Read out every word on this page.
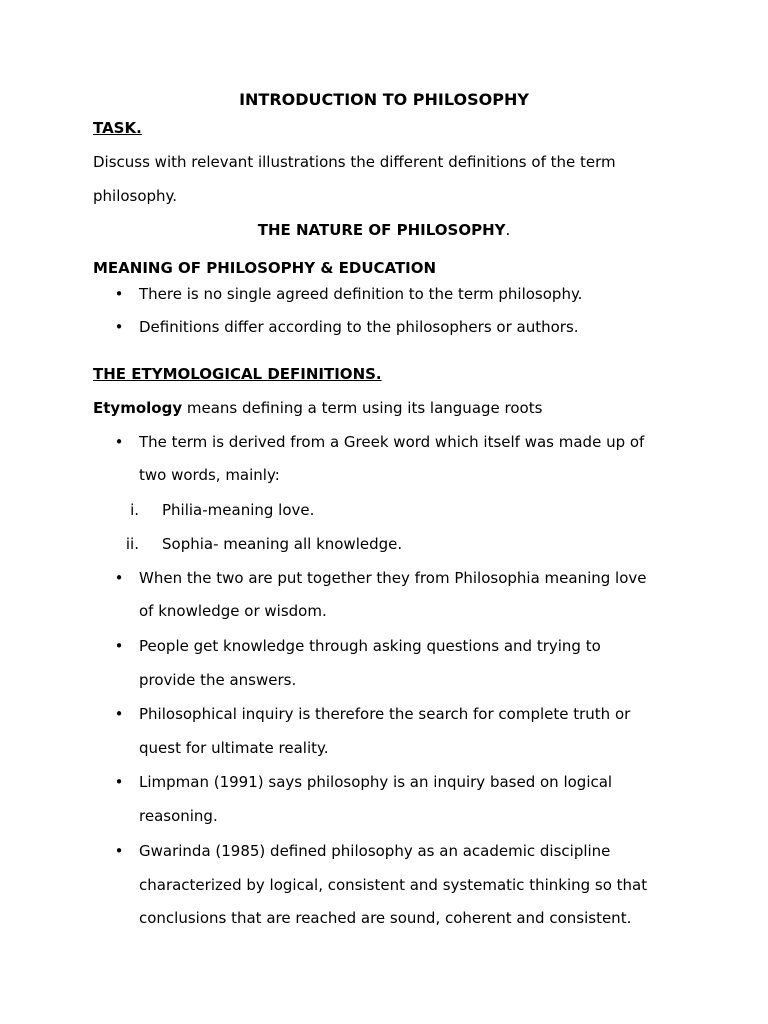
INTRODUCTION TO PHILOSOPHY
TASK.
Discuss with relevant illustrations the different definitions of the term
philosophy.
THE NATURE OF PHILOSOPHY.
MEANING OF PHILOSOPHY & EDUCATION
• There is no single agreed definition to the term philosophy.
• Definitions differ according to the philosophers or authors.
THE ETYMOLOGICAL DEFINITIONS.
Etymology means defining a term using its language roots
• The term is derived from a Greek word which itself was made up of
two words, mainly:
i. Philia-meaning love.
ii. Sophia- meaning all knowledge.
• When the two are put together they from Philosophia meaning love
of knowledge or wisdom.
• People get knowledge through asking questions and trying to
provide the answers.
• Philosophical inquiry is therefore the search for complete truth or
quest for ultimate reality.
• Limpman (1991) says philosophy is an inquiry based on logical
reasoning.
• Gwarinda (1985) defined philosophy as an academic discipline
characterized by logical, consistent and systematic thinking so that
conclusions that are reached are sound, coherent and consistent.
